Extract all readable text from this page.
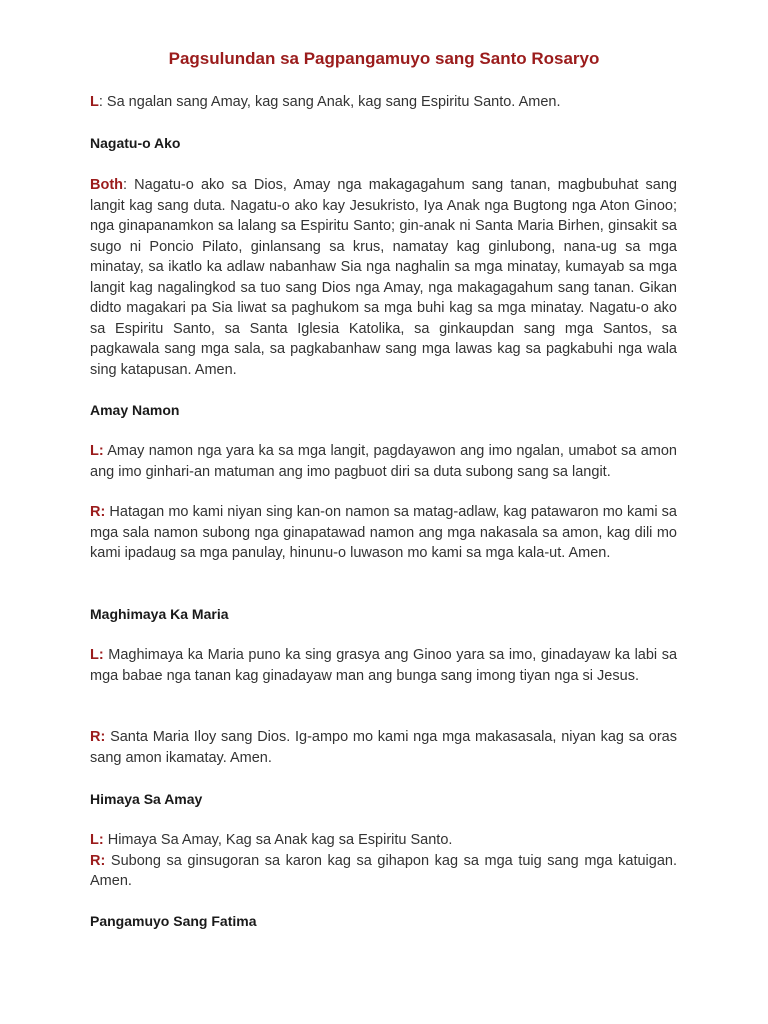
Pagsulundan sa Pagpangamuyo sang Santo Rosaryo

L: Sa ngalan sang Amay, kag sang Anak, kag sang Espiritu Santo. Amen.

Nagatu-o Ako

Both: Nagatu-o ako sa Dios, Amay nga makagagahum sang tanan, magbubuhat sang langit kag sang duta. Nagatu-o ako kay Jesukristo, Iya Anak nga Bugtong nga Aton Ginoo; nga ginapanamkon sa lalang sa Espiritu Santo; gin-anak ni Santa Maria Birhen, ginsakit sa sugo ni Poncio Pilato, ginlansang sa krus, namatay kag ginlubong, nana-ug sa mga minatay, sa ikatlo ka adlaw nabanhaw Sia nga naghalin sa mga minatay, kumayab sa mga langit kag nagalingkod sa tuo sang Dios nga Amay, nga makagagahum sang tanan. Gikan didto magakari pa Sia liwat sa paghukom sa mga buhi kag sa mga minatay. Nagatu-o ako sa Espiritu Santo, sa Santa Iglesia Katolika, sa ginkaupdan sang mga Santos, sa pagkawala sang mga sala, sa pagkabanhaw sang mga lawas kag sa pagkabuhi nga wala sing katapusan. Amen.

Amay Namon

L: Amay namon nga yara ka sa mga langit, pagdayawon ang imo ngalan, umabot sa amon ang imo ginhari-an matuman ang imo pagbuot diri sa duta subong sang sa langit.

R: Hatagan mo kami niyan sing kan-on namon sa matag-adlaw, kag patawaron mo kami sa mga sala namon subong nga ginapatawad namon ang mga nakasala sa amon, kag dili mo kami ipadaug sa mga panulay, hinunu-o luwason mo kami sa mga kala-ut. Amen.

Maghimaya Ka Maria

L: Maghimaya ka Maria puno ka sing grasya ang Ginoo yara sa imo, ginadayaw ka labi sa mga babae nga tanan kag ginadayaw man ang bunga sang imong tiyan nga si Jesus.

R: Santa Maria Iloy sang Dios. Ig-ampo mo kami nga mga makasasala, niyan kag sa oras sang amon ikamatay. Amen.

Himaya Sa Amay

L: Himaya Sa Amay, Kag sa Anak kag sa Espiritu Santo.
R: Subong sa ginsugoran sa karon kag sa gihapon kag sa mga tuig sang mga katuigan. Amen.

Pangamuyo Sang Fatima
